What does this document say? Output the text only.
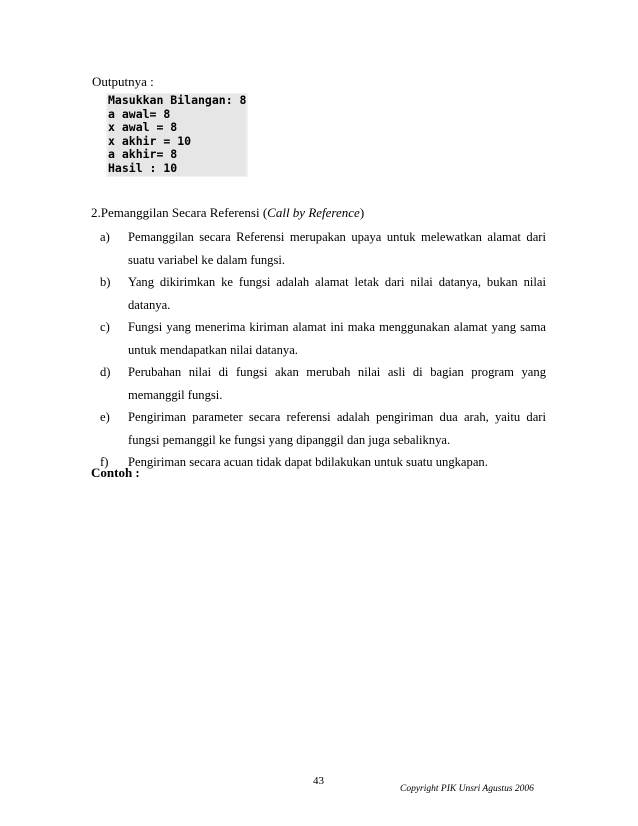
Outputnya :
Masukkan Bilangan: 8
a awal= 8
x awal = 8
x akhir = 10
a akhir= 8
Hasil : 10
2.Pemanggilan Secara Referensi (Call by Reference)
a)	Pemanggilan secara Referensi merupakan upaya untuk melewatkan alamat dari suatu variabel ke dalam fungsi.
b)	Yang dikirimkan ke fungsi adalah alamat letak dari nilai datanya, bukan nilai datanya.
c)	Fungsi yang menerima kiriman alamat ini maka menggunakan alamat yang sama untuk mendapatkan nilai datanya.
d)	Perubahan nilai di fungsi akan merubah nilai asli di bagian program yang memanggil fungsi.
e)	Pengiriman parameter secara referensi adalah pengiriman dua arah, yaitu dari fungsi pemanggil ke fungsi yang dipanggil dan juga sebaliknya.
f)	Pengiriman secara acuan tidak dapat bdilakukan untuk suatu ungkapan.
Contoh :
43
Copyright PIK Unsri Agustus 2006
